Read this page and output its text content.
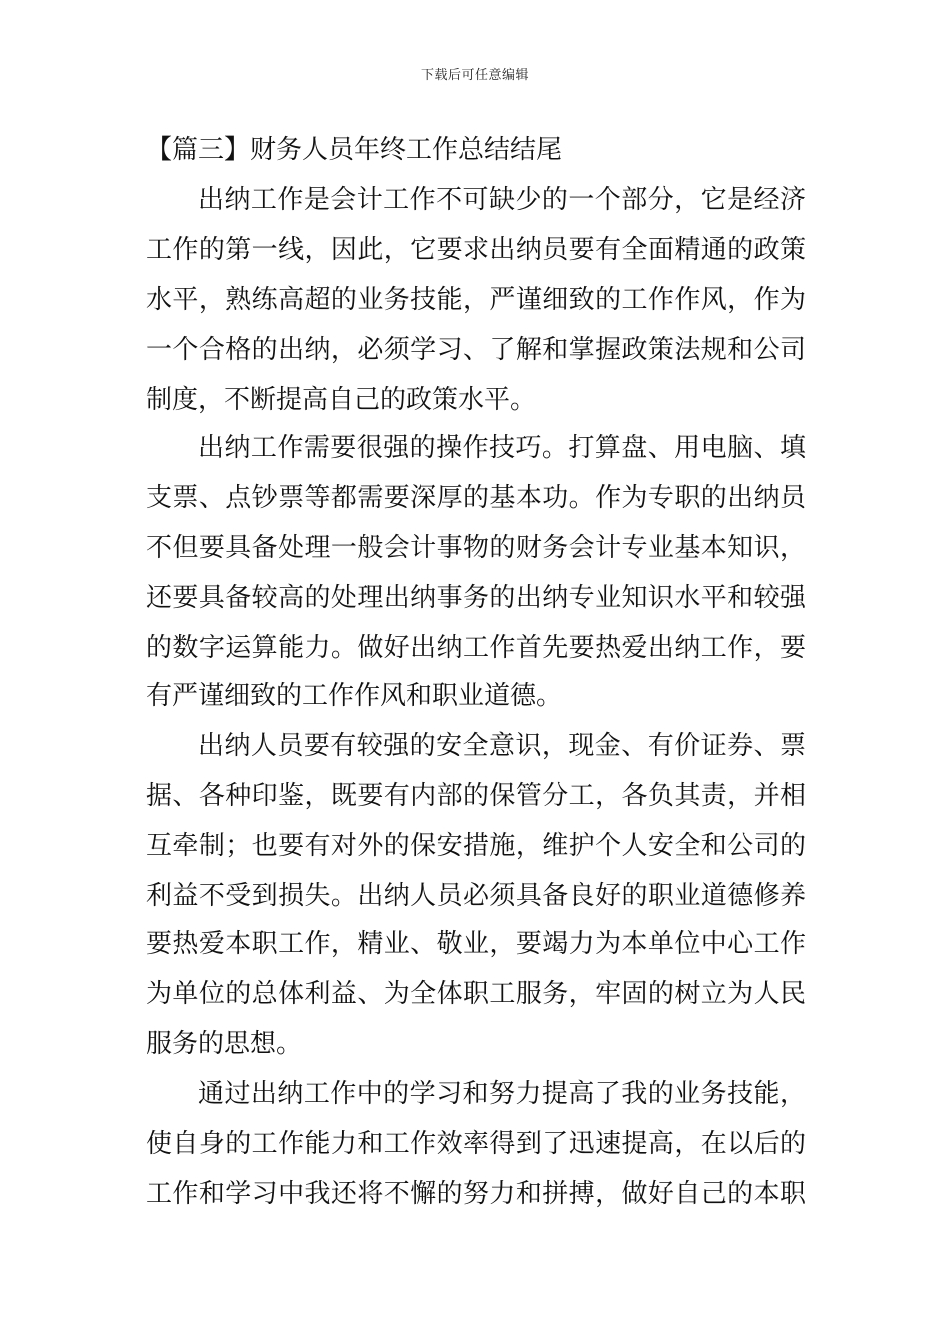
下载后可任意编辑
【篇三】财务人员年终工作总结结尾
出纳工作是会计工作不可缺少的一个部分，它是经济
工作的第一线，因此，它要求出纳员要有全面精通的政策
水平，熟练高超的业务技能，严谨细致的工作作风，作为
一个合格的出纳，必须学习、了解和掌握政策法规和公司
制度，不断提高自己的政策水平。
出纳工作需要很强的操作技巧。打算盘、用电脑、填
支票、点钞票等都需要深厚的基本功。作为专职的出纳员
不但要具备处理一般会计事物的财务会计专业基本知识，
还要具备较高的处理出纳事务的出纳专业知识水平和较强
的数字运算能力。做好出纳工作首先要热爱出纳工作，要
有严谨细致的工作作风和职业道德。
出纳人员要有较强的安全意识，现金、有价证券、票
据、各种印鉴，既要有内部的保管分工，各负其责，并相
互牵制；也要有对外的保安措施，维护个人安全和公司的
利益不受到损失。出纳人员必须具备良好的职业道德修养
要热爱本职工作，精业、敬业，要竭力为本单位中心工作
为单位的总体利益、为全体职工服务，牢固的树立为人民
服务的思想。
通过出纳工作中的学习和努力提高了我的业务技能，
使自身的工作能力和工作效率得到了迅速提高，在以后的
工作和学习中我还将不懈的努力和拼搏，做好自己的本职
